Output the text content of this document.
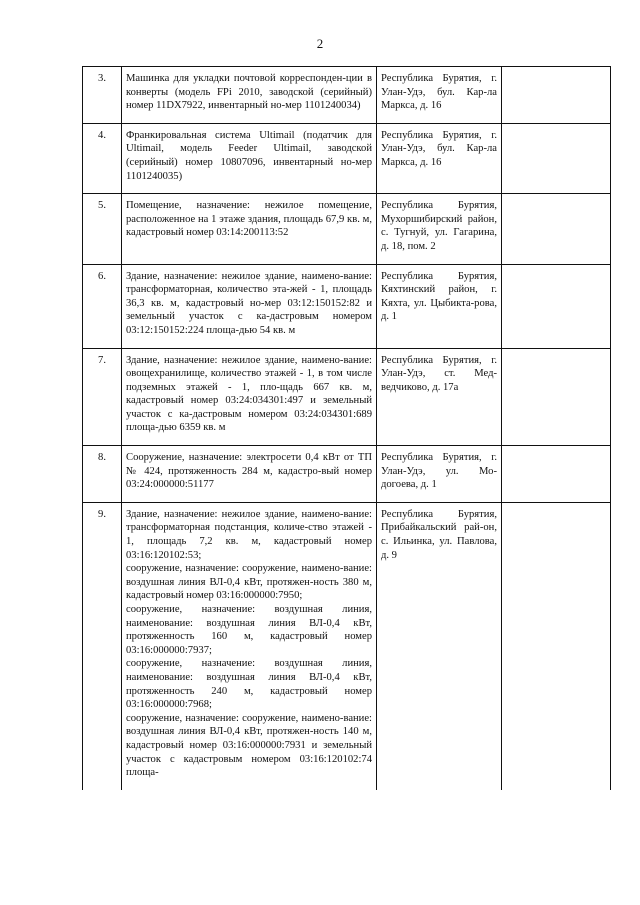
2
3.	Машинка для укладки почтовой корреспонден-ции в конверты (модель FPi 2010, заводской (серийный) номер 11DX7922, инвентарный но-мер 1101240034)	Республика Бурятия, г. Улан-Удэ, бул. Кар-ла Маркса, д. 16	
4.	Франкировальная система Ultimail (податчик для Ultimail, модель Feeder Ultimail, заводской (серийный) номер 10807096, инвентарный но-мер 1101240035)	Республика Бурятия, г. Улан-Удэ, бул. Кар-ла Маркса, д. 16	
5.	Помещение, назначение: нежилое помещение, расположенное на 1 этаже здания, площадь 67,9 кв. м, кадастровый номер 03:14:200113:52	Республика Бурятия, Мухоршибирский район, с. Тугнуй, ул. Гагарина, д. 18, пом. 2	
6.	Здание, назначение: нежилое здание, наимено-вание: трансформаторная, количество эта-жей - 1, площадь 36,3 кв. м, кадастровый но-мер 03:12:150152:82 и земельный участок с ка-дастровым номером 03:12:150152:224 площа-дью 54 кв. м	Республика Бурятия, Кяхтинский район, г. Кяхта, ул. Цыбикта-рова, д. 1	
7.	Здание, назначение: нежилое здание, наимено-вание: овощехранилище, количество этажей - 1, в том числе подземных этажей - 1, пло-щадь 667 кв. м, кадастровый номер 03:24:034301:497 и земельный участок с ка-дастровым номером 03:24:034301:689 площа-дью 6359 кв. м	Республика Бурятия, г. Улан-Удэ, ст. Мед-ведчиково, д. 17а	
8.	Сооружение, назначение: электросети 0,4 кВт от ТП № 424, протяженность 284 м, кадастро-вый номер 03:24:000000:51177	Республика Бурятия, г. Улан-Удэ, ул. Мо-догоева, д. 1	
9.	Здание, назначение: нежилое здание, наимено-вание: трансформаторная подстанция, количе-ство этажей - 1, площадь 7,2 кв. м, кадастровый номер 03:16:120102:53;
сооружение, назначение: сооружение, наимено-вание: воздушная линия ВЛ-0,4 кВт, протяжен-ность 380 м, кадастровый номер 03:16:000000:7950;
сооружение, назначение: воздушная линия, наименование: воздушная линия ВЛ-0,4 кВт, протяженность 160 м, кадастровый номер 03:16:000000:7937;
сооружение, назначение: воздушная линия, наименование: воздушная линия ВЛ-0,4 кВт, протяженность 240 м, кадастровый номер 03:16:000000:7968;
сооружение, назначение: сооружение, наимено-вание: воздушная линия ВЛ-0,4 кВт, протяжен-ность 140 м, кадастровый номер 03:16:000000:7931 и земельный участок с кадастровым номером 03:16:120102:74 площа-	Республика Бурятия, Прибайкальский рай-он, с. Ильинка, ул. Павлова, д. 9	
